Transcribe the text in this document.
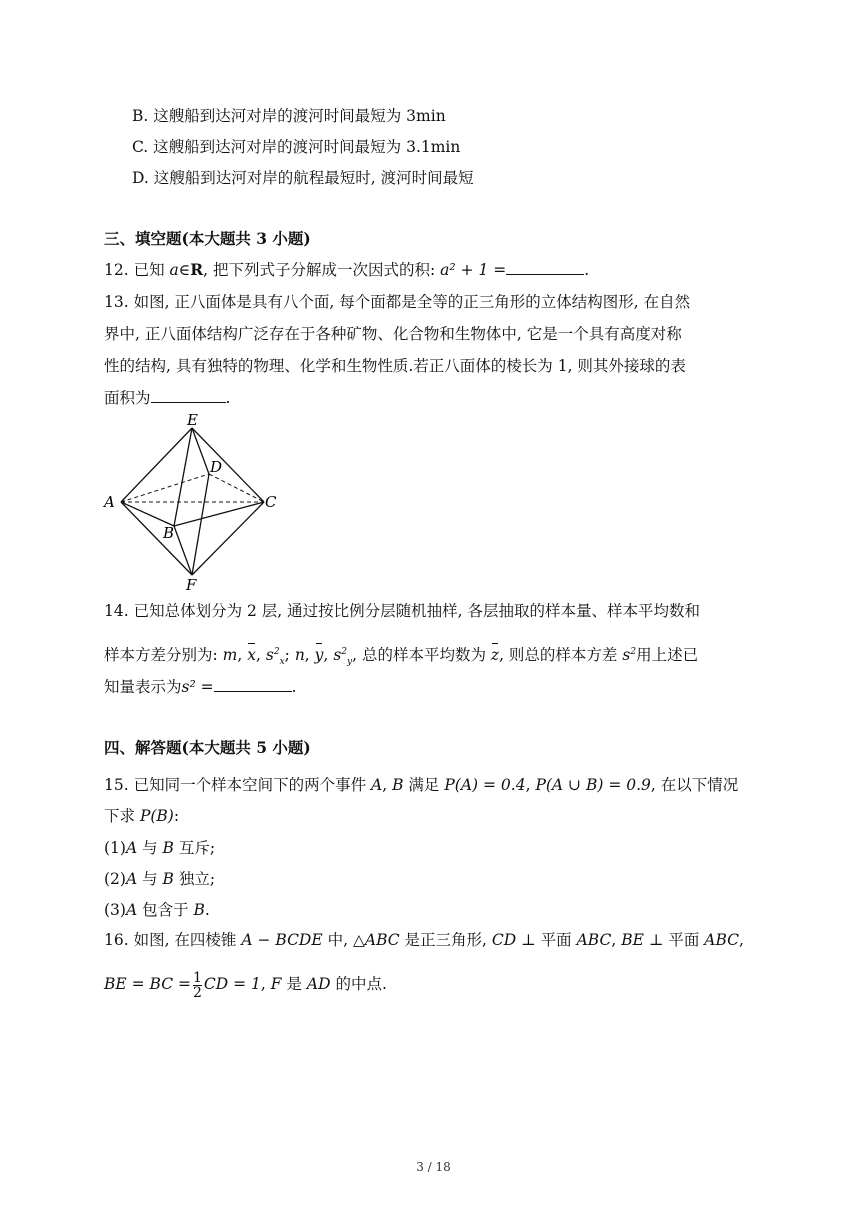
B. 这艘船到达河对岸的渡河时间最短为 3min
C. 这艘船到达河对岸的渡河时间最短为 3.1min
D. 这艘船到达河对岸的航程最短时, 渡河时间最短
三、填空题(本大题共 3 小题)
12. 已知 a∈R, 把下列式子分解成一次因式的积: a² + 1 =	.
13. 如图, 正八面体是具有八个面, 每个面都是全等的正三角形的立体结构图形, 在自然
界中, 正八面体结构广泛存在于各种矿物、化合物和生物体中, 它是一个具有高度对称
性的结构, 具有独特的物理、化学和生物性质.若正八面体的棱长为 1, 则其外接球的表
面积为	.
E
D
A	C
B
F
14. 已知总体划分为 2 层, 通过按比例分层随机抽样, 各层抽取的样本量、样本平均数和
样本方差分别为: m, x, $s^2_x$; n, y, $s^2_y$, 总的样本平均数为 z, 则总的样本方差 $s^2$用上述已
知量表示为s² =	.
四、解答题(本大题共 5 小题)
15. 已知同一个样本空间下的两个事件 A, B 满足 P(A) = 0.4, P(A ∪ B) = 0.9, 在以下情况
下求 P(B):
(1)A 与 B 互斥;
(2)A 与 B 独立;
(3)A 包含于 B.
16. 如图, 在四棱锥 A − BCDE 中, △ABC 是正三角形, CD ⊥ 平面 ABC, BE ⊥ 平面 ABC,
BE = BC = $\frac{1}{2}$ CD = 1, F 是 AD 的中点.
3 / 18
